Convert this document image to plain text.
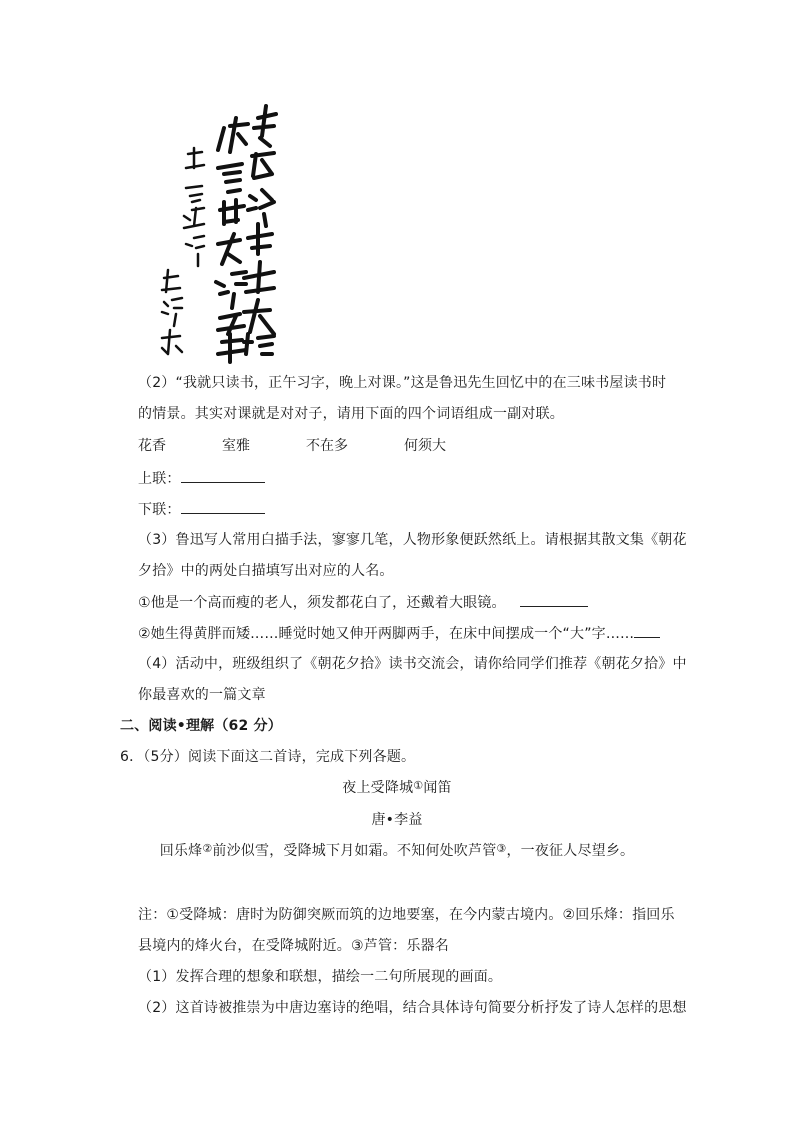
（2）“我就只读书，正午习字，晚上对课。”这是鲁迅先生回忆中的在三味书屋读书时
的情景。其实对课就是对对子，请用下面的四个词语组成一副对联。
花香	室雅	不在多	何须大
上联：
下联：
（3）鲁迅写人常用白描手法，寥寥几笔，人物形象便跃然纸上。请根据其散文集《朝花
夕拾》中的两处白描填写出对应的人名。
①他是一个高而瘦的老人，须发都花白了，还戴着大眼镜。
②她生得黄胖而矮……睡觉时她又伸开两脚两手，在床中间摆成一个“大”字……
（4）活动中，班级组织了《朝花夕拾》读书交流会，请你给同学们推荐《朝花夕拾》中
你最喜欢的一篇文章
二、阅读•理解（62 分）
6．（5分）阅读下面这二首诗，完成下列各题。
夜上受降城①闻笛
唐•李益
回乐烽②前沙似雪，受降城下月如霜。不知何处吹芦管③，一夜征人尽望乡。
注：①受降城：唐时为防御突厥而筑的边地要塞，在今内蒙古境内。②回乐烽：指回乐
县境内的烽火台，在受降城附近。③芦管：乐器名
（1）发挥合理的想象和联想，描绘一二句所展现的画面。
（2）这首诗被推崇为中唐边塞诗的绝唱，结合具体诗句简要分析抒发了诗人怎样的思想
